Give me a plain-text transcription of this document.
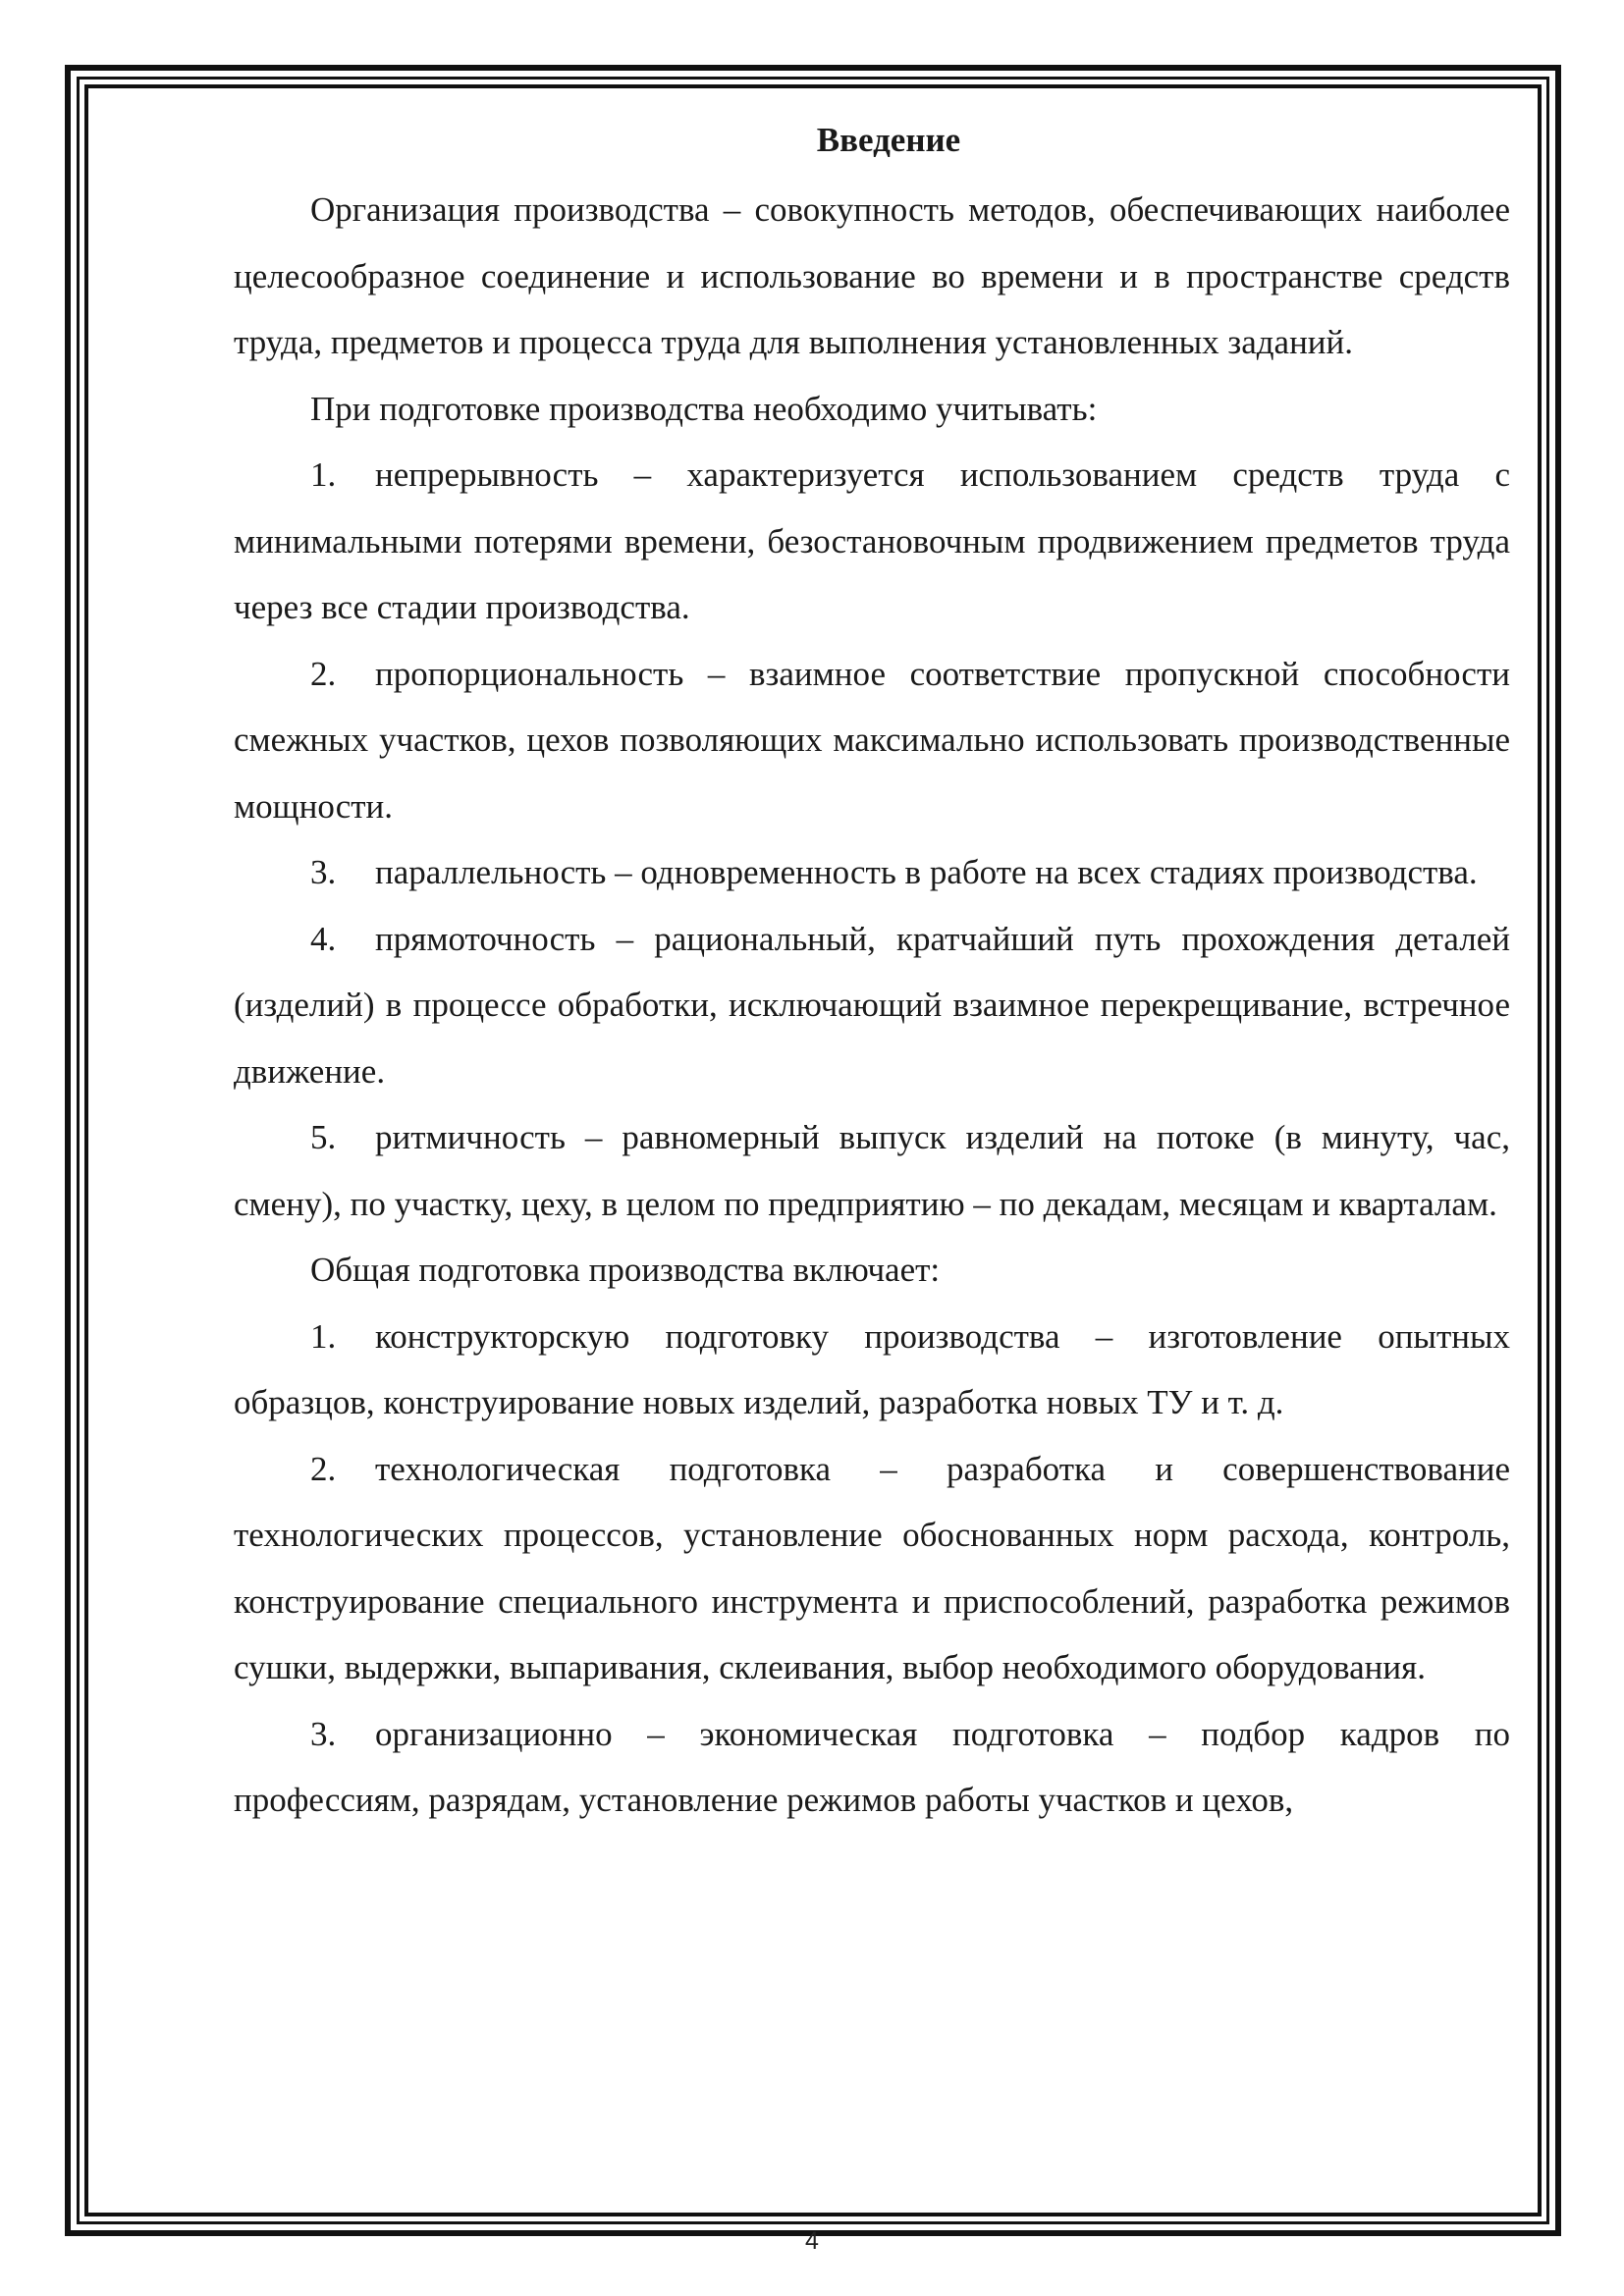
Введение

Организация производства – совокупность методов, обеспечивающих наиболее целесообразное соединение и использование во времени и в пространстве средств труда, предметов и процесса труда для выполнения установленных заданий.

При подготовке производства необходимо учитывать:

1. непрерывность – характеризуется использованием средств труда с минимальными потерями времени, безостановочным продвижением предметов труда через все стадии производства.

2. пропорциональность – взаимное соответствие пропускной способности смежных участков, цехов позволяющих максимально использовать производственные мощности.

3. параллельность – одновременность в работе на всех стадиях производства.

4. прямоточность – рациональный, кратчайший путь прохождения деталей (изделий) в процессе обработки, исключающий взаимное перекрещивание, встречное движение.

5. ритмичность – равномерный выпуск изделий на потоке (в минуту, час, смену), по участку, цеху, в целом по предприятию – по декадам, месяцам и кварталам.

Общая подготовка производства включает:

1. конструкторскую подготовку производства – изготовление опытных образцов, конструирование новых изделий, разработка новых ТУ и т. д.

2. технологическая подготовка – разработка и совершенствование технологических процессов, установление обоснованных норм расхода, контроль, конструирование специального инструмента и приспособлений, разработка режимов сушки, выдержки, выпаривания, склеивания, выбор необходимого оборудования.

3. организационно – экономическая подготовка – подбор кадров по профессиям, разрядам, установление режимов работы участков и цехов,

4
